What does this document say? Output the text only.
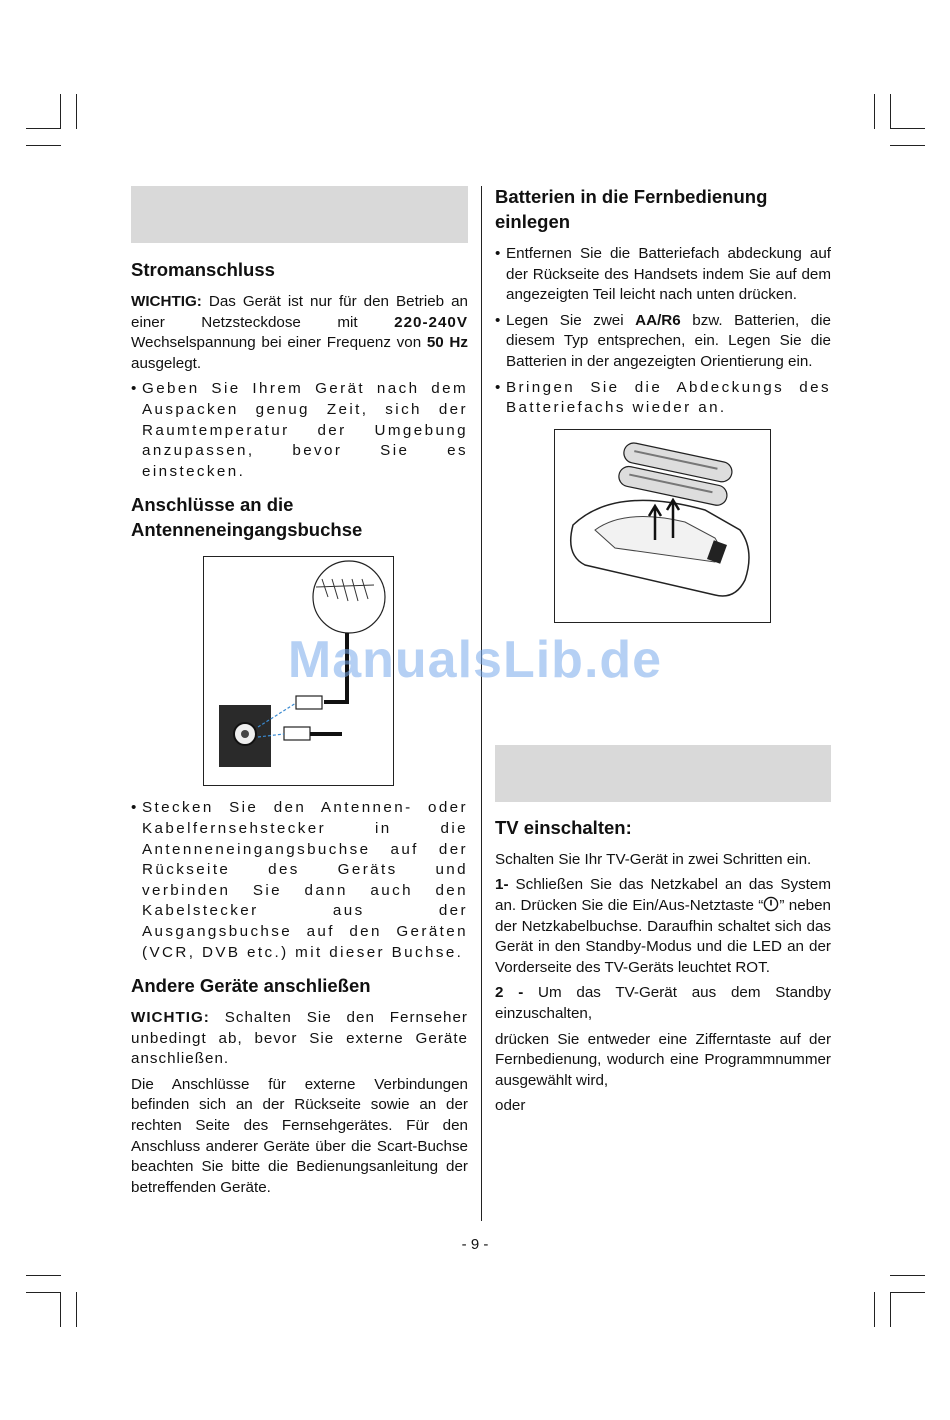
Stromanschluss

WICHTIG: Das Gerät ist nur für den Betrieb an einer Netzsteckdose mit 220-240V Wechselspannung bei einer Frequenz von 50 Hz ausgelegt.

• Geben Sie Ihrem Gerät nach dem Auspacken genug Zeit, sich der Raumtemperatur der Umgebung anzupassen, bevor Sie es einstecken.

Anschlüsse an die Antenneneingangsbuchse

• Stecken Sie den Antennen- oder Kabelfernsehstecker in die Antenneneingangsbuchse auf der Rückseite des Geräts und verbinden Sie dann auch den Kabelstecker aus der Ausgangsbuchse auf den Geräten (VCR, DVB etc.) mit dieser Buchse.

Andere Geräte anschließen

WICHTIG: Schalten Sie den Fernseher unbedingt ab, bevor Sie externe Geräte anschließen.

Die Anschlüsse für externe Verbindungen befinden sich an der Rückseite sowie an der rechten Seite des Fernsehgerätes. Für den Anschluss anderer Geräte über die Scart-Buchse beachten Sie bitte die Bedienungsanleitung der betreffenden Geräte.

Batterien in die Fernbedienung einlegen

• Entfernen Sie die Batteriefach abdeckung auf der Rückseite des Handsets indem Sie auf dem angezeigten Teil leicht nach unten drücken.

• Legen Sie zwei AA/R6 bzw. Batterien, die diesem Typ entsprechen, ein. Legen Sie die Batterien in der angezeigten Orientierung ein.

• Bringen Sie die Abdeckungs des Batteriefachs wieder an.

TV einschalten:

Schalten Sie Ihr TV-Gerät in zwei Schritten ein.

1- Schließen Sie das Netzkabel an das System an. Drücken Sie die Ein/Aus-Netztaste “ ” neben der Netzkabelbuchse. Daraufhin schaltet sich das Gerät in den Standby-Modus und die LED an der Vorderseite des TV-Geräts leuchtet ROT.

2 - Um das TV-Gerät aus dem Standby einzuschalten,

drücken Sie entweder eine Zifferntaste auf der Fernbedienung, wodurch eine Programmnummer ausgewählt wird,

oder

- 9 -
ManualsLib.de
